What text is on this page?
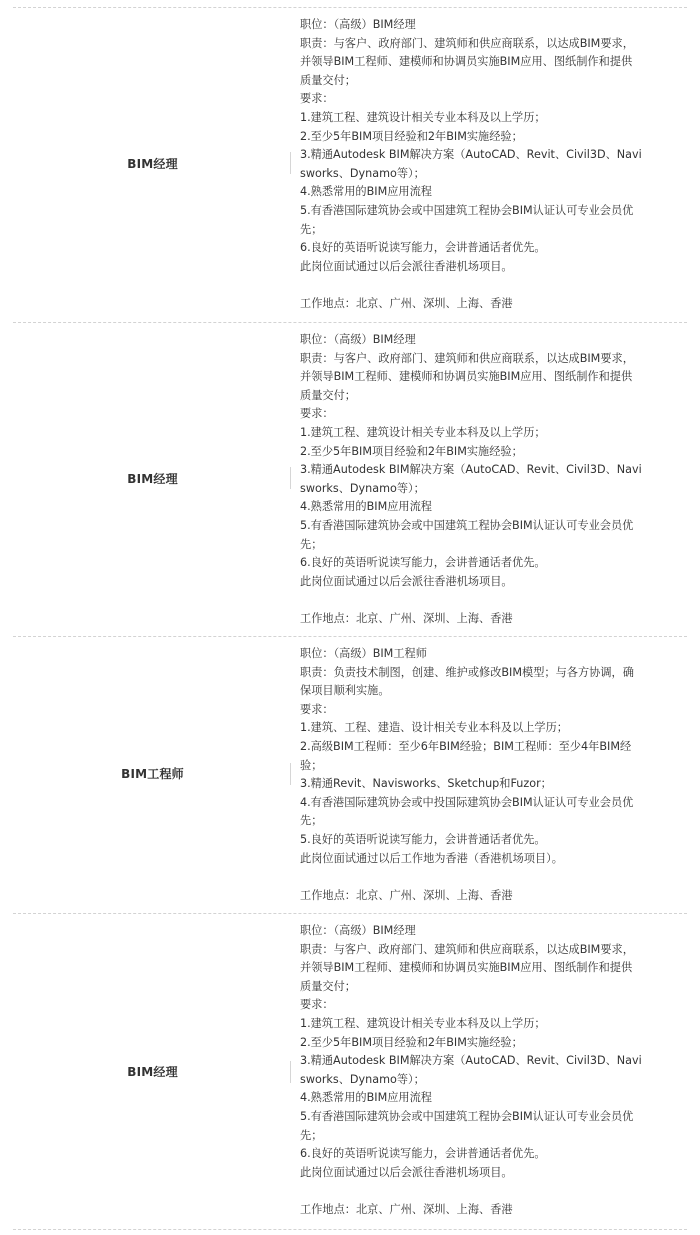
BIM经理
职位：（高级）BIM经理
职责：与客户、政府部门、建筑师和供应商联系，以达成BIM要求，
并领导BIM工程师、建模师和协调员实施BIM应用、图纸制作和提供
质量交付；
要求：
1.建筑工程、建筑设计相关专业本科及以上学历；
2.至少5年BIM项目经验和2年BIM实施经验；
3.精通Autodesk BIM解决方案（AutoCAD、Revit、Civil3D、Navi
sworks、Dynamo等）；
4.熟悉常用的BIM应用流程
5.有香港国际建筑协会或中国建筑工程协会BIM认证认可专业会员优
先；
6.良好的英语听说读写能力，会讲普通话者优先。
此岗位面试通过以后会派往香港机场项目。
工作地点：北京、广州、深圳、上海、香港
BIM经理
职位：（高级）BIM经理
职责：与客户、政府部门、建筑师和供应商联系，以达成BIM要求，
并领导BIM工程师、建模师和协调员实施BIM应用、图纸制作和提供
质量交付；
要求：
1.建筑工程、建筑设计相关专业本科及以上学历；
2.至少5年BIM项目经验和2年BIM实施经验；
3.精通Autodesk BIM解决方案（AutoCAD、Revit、Civil3D、Navi
sworks、Dynamo等）；
4.熟悉常用的BIM应用流程
5.有香港国际建筑协会或中国建筑工程协会BIM认证认可专业会员优
先；
6.良好的英语听说读写能力，会讲普通话者优先。
此岗位面试通过以后会派往香港机场项目。
工作地点：北京、广州、深圳、上海、香港
BIM工程师
职位：（高级）BIM工程师
职责：负责技术制图，创建、维护或修改BIM模型；与各方协调，确
保项目顺利实施。
要求：
1.建筑、工程、建造、设计相关专业本科及以上学历；
2.高级BIM工程师：至少6年BIM经验；BIM工程师：至少4年BIM经
验；
3.精通Revit、Navisworks、Sketchup和Fuzor；
4.有香港国际建筑协会或中投国际建筑协会BIM认证认可专业会员优
先；
5.良好的英语听说读写能力，会讲普通话者优先。
此岗位面试通过以后工作地为香港（香港机场项目）。
工作地点：北京、广州、深圳、上海、香港
BIM经理
职位：（高级）BIM经理
职责：与客户、政府部门、建筑师和供应商联系，以达成BIM要求，
并领导BIM工程师、建模师和协调员实施BIM应用、图纸制作和提供
质量交付；
要求：
1.建筑工程、建筑设计相关专业本科及以上学历；
2.至少5年BIM项目经验和2年BIM实施经验；
3.精通Autodesk BIM解决方案（AutoCAD、Revit、Civil3D、Navi
sworks、Dynamo等）；
4.熟悉常用的BIM应用流程
5.有香港国际建筑协会或中国建筑工程协会BIM认证认可专业会员优
先；
6.良好的英语听说读写能力，会讲普通话者优先。
此岗位面试通过以后会派往香港机场项目。
工作地点：北京、广州、深圳、上海、香港
